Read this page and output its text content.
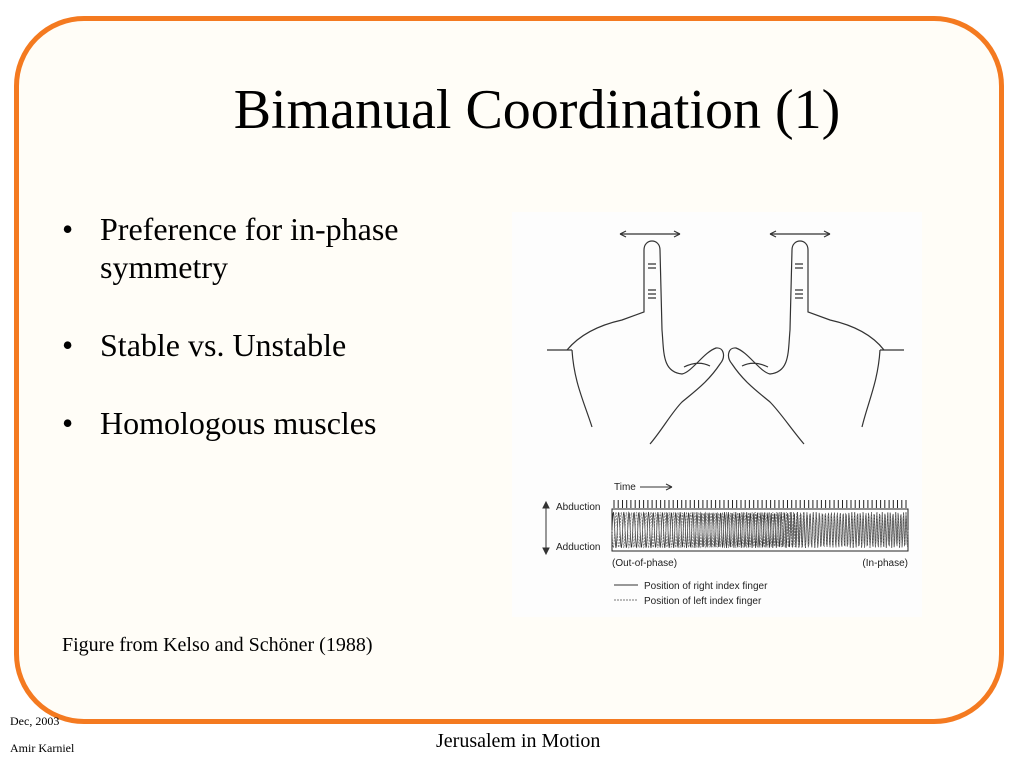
Bimanual Coordination (1)
• Preference for in-phase symmetry
• Stable vs. Unstable
• Homologous muscles
Time
Abduction
Adduction
(Out-of-phase)	(In-phase)
Position of right index finger
Position of left index finger
Figure from Kelso and Schöner (1988)
Dec, 2003
Amir Karniel	Jerusalem in Motion
